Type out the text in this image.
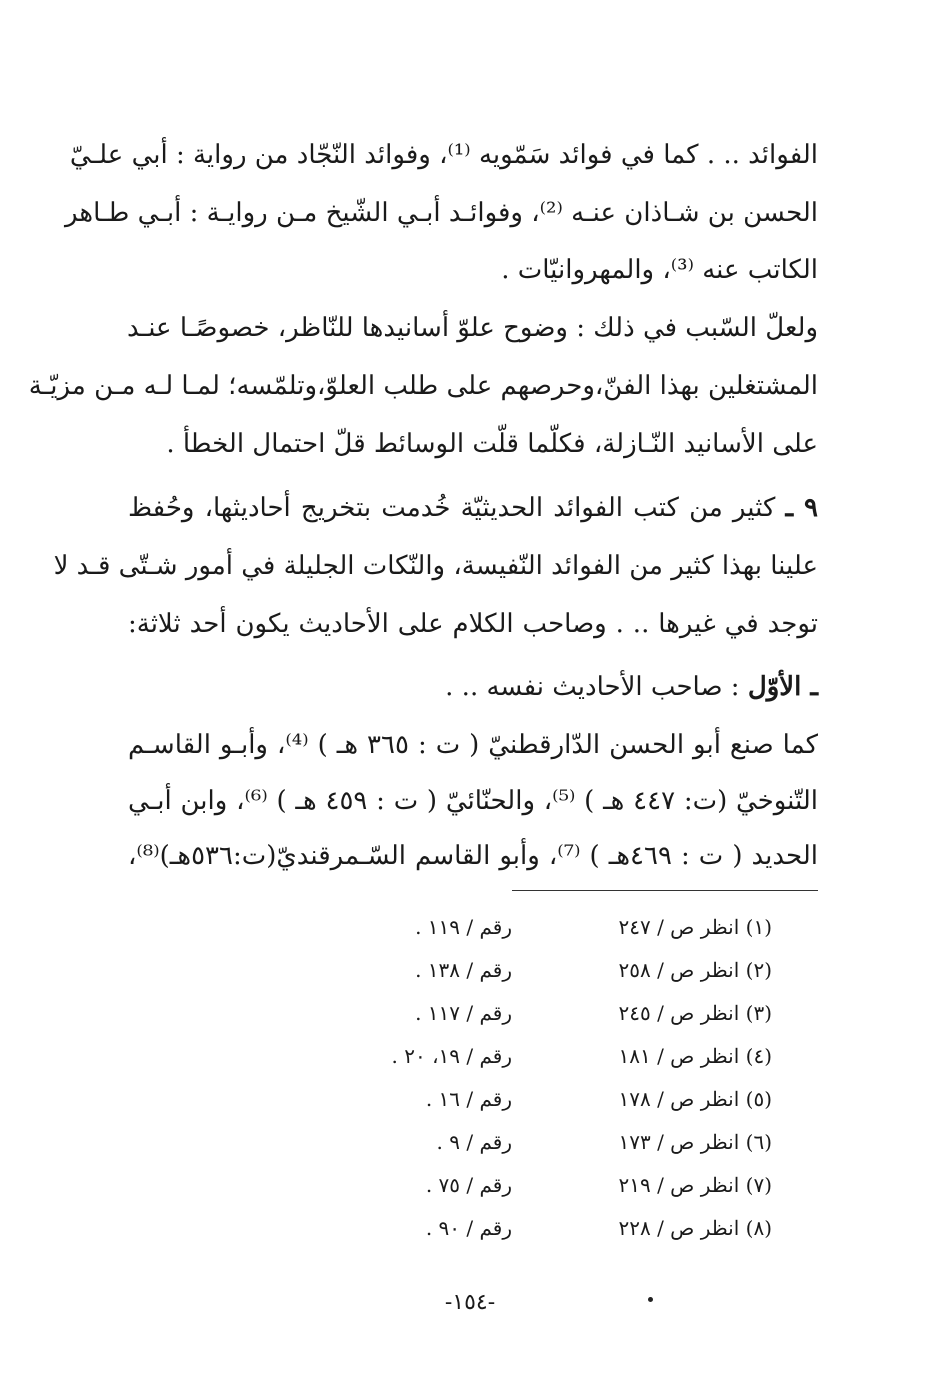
الفوائد .. . كما في فوائد سَمّويه ⁽¹⁾، وفوائد النّجّاد من رواية : أبي علـيّ
الحسن بن شـاذان عنـه ⁽²⁾، وفوائـد أبـي الشّيخ مـن روايـة : أبـي طـاهر
الكاتب عنه ⁽³⁾، والمهروانيّات .
ولعلّ السّبب في ذلك : وضوح علوّ أسانيدها للنّاظر، خصوصًـا عنـد
المشتغلين بهذا الفنّ،وحرصهم على طلب العلوّ،وتلمّسه؛ لمـا لـه مـن مزيّـة
على الأسانيد النّـازلة، فكلّما قلّت الوسائط قلّ احتمال الخطأ .
٩ ـ كثير من كتب الفوائد الحديثيّة خُدمت بتخريج أحاديثها، وحُفظ
علينا بهذا كثير من الفوائد النّفيسة، والنّكات الجليلة في أمور شـتّى قـد لا
توجد في غيرها .. . وصاحب الكلام على الأحاديث يكون أحد ثلاثة:
ـ الأوّل : صاحب الأحاديث نفسه .. .
كما صنع أبو الحسن الدّارقطنيّ ( ت : ٣٦٥ هـ ) ⁽⁴⁾، وأبـو القاسـم
التّنوخيّ (ت: ٤٤٧ هـ ) ⁽⁵⁾، والحنّائيّ ( ت : ٤٥٩ هـ ) ⁽⁶⁾، وابن أبـي
الحديد ( ت : ٤٦٩هـ ) ⁽⁷⁾، وأبو القاسم السّـمرقنديّ(ت:٥٣٦هـ)⁽⁸⁾،
(١) انظر ص / ٢٤٧
رقم / ١١٩ .
(٢) انظر ص / ٢٥٨
رقم / ١٣٨ .
(٣) انظر ص / ٢٤٥
رقم / ١١٧ .
(٤) انظر ص / ١٨١
رقم / ١٩، ٢٠ .
(٥) انظر ص / ١٧٨
رقم / ١٦ .
(٦) انظر ص / ١٧٣
رقم / ٩ .
(٧) انظر ص / ٢١٩
رقم / ٧٥ .
(٨) انظر ص / ٢٢٨
رقم / ٩٠ .
-١٥٤-
